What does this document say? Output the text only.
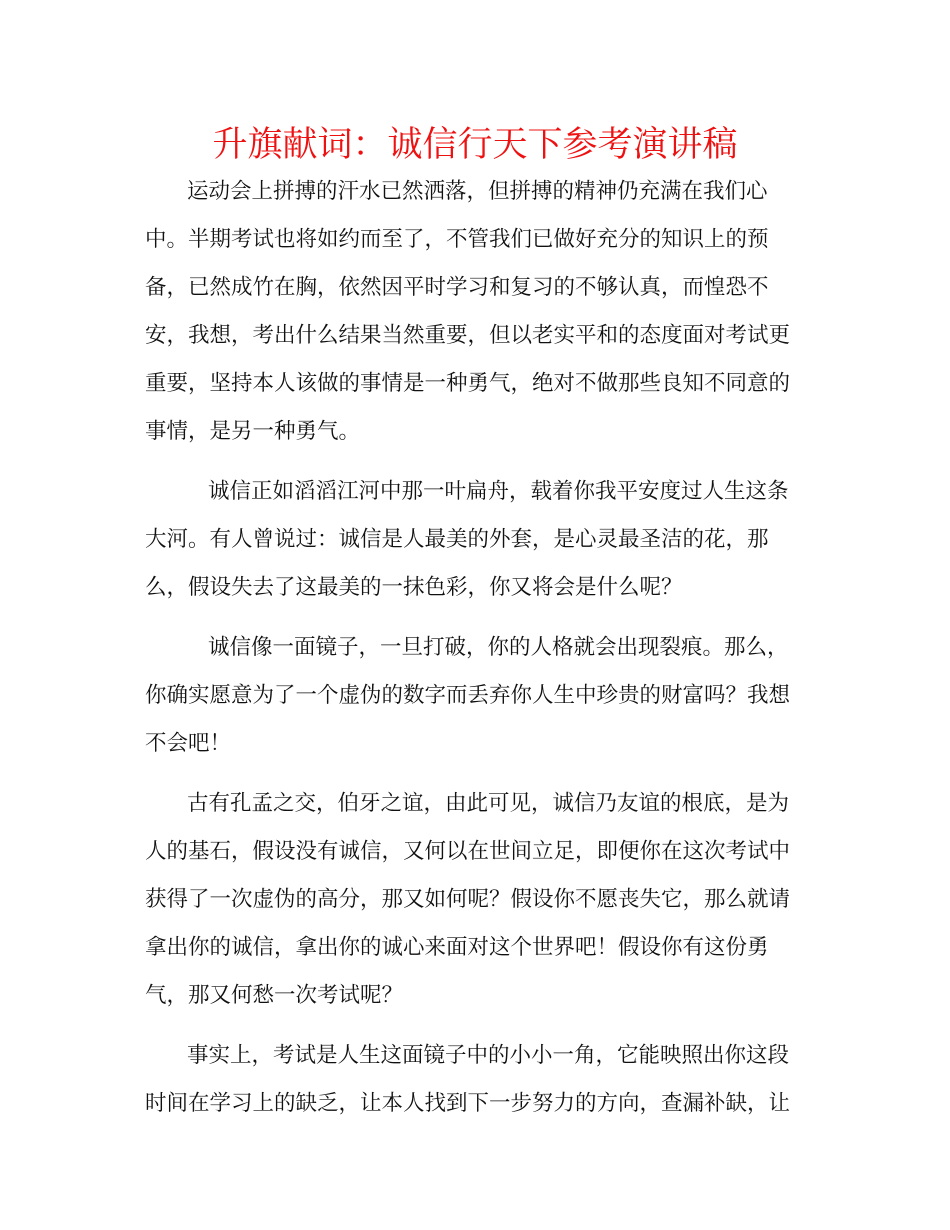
升旗献词：诚信行天下参考演讲稿
运动会上拼搏的汗水已然洒落，但拼搏的精神仍充满在我们心
中。半期考试也将如约而至了，不管我们已做好充分的知识上的预
备，已然成竹在胸，依然因平时学习和复习的不够认真，而惶恐不
安，我想，考出什么结果当然重要，但以老实平和的态度面对考试更
重要，坚持本人该做的事情是一种勇气，绝对不做那些良知不同意的
事情，是另一种勇气。
诚信正如滔滔江河中那一叶扁舟，载着你我平安度过人生这条
大河。有人曾说过：诚信是人最美的外套，是心灵最圣洁的花，那
么，假设失去了这最美的一抹色彩，你又将会是什么呢？
诚信像一面镜子，一旦打破，你的人格就会出现裂痕。那么，
你确实愿意为了一个虚伪的数字而丢弃你人生中珍贵的财富吗？我想
不会吧！
古有孔孟之交，伯牙之谊，由此可见，诚信乃友谊的根底，是为
人的基石，假设没有诚信，又何以在世间立足，即便你在这次考试中
获得了一次虚伪的高分，那又如何呢？假设你不愿丧失它，那么就请
拿出你的诚信，拿出你的诚心来面对这个世界吧！假设你有这份勇
气，那又何愁一次考试呢？
事实上，考试是人生这面镜子中的小小一角，它能映照出你这段
时间在学习上的缺乏，让本人找到下一步努力的方向，查漏补缺，让
